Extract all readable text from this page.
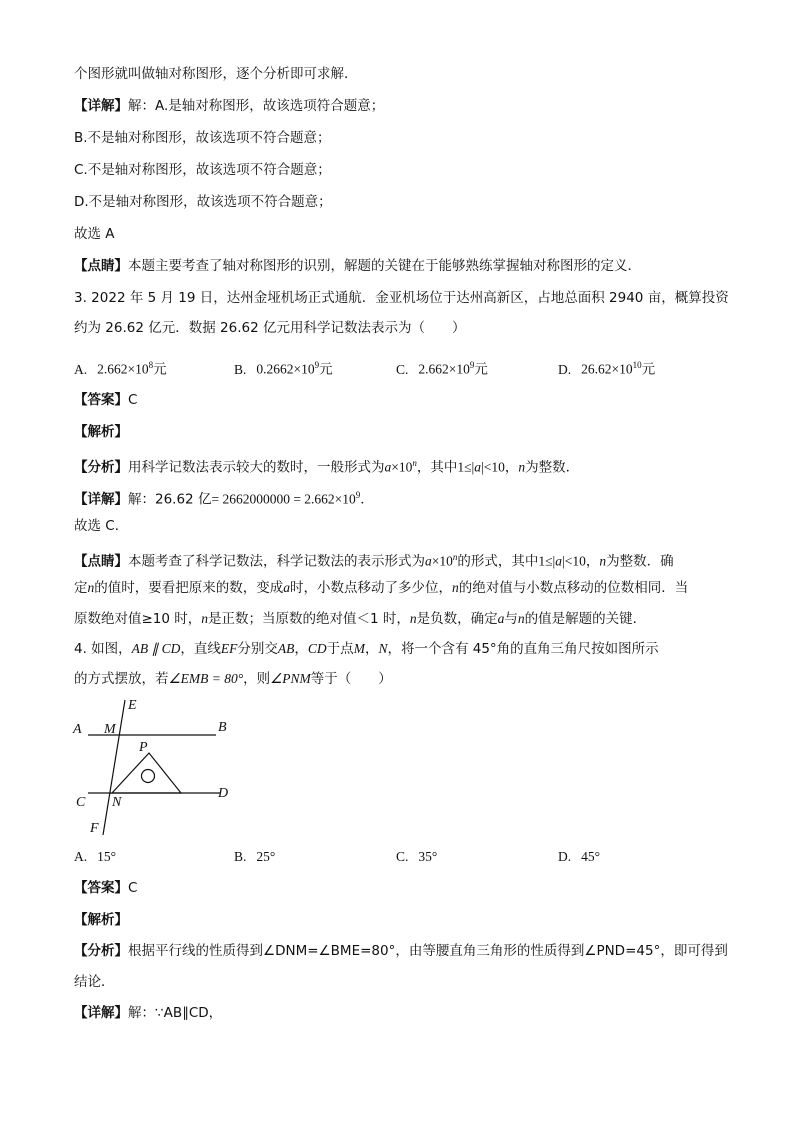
个图形就叫做轴对称图形，逐个分析即可求解．
【详解】解：A.是轴对称图形，故该选项符合题意；
B.不是轴对称图形，故该选项不符合题意；
C.不是轴对称图形，故该选项不符合题意；
D.不是轴对称图形，故该选项不符合题意；
故选 A
【点睛】本题主要考查了轴对称图形的识别，解题的关键在于能够熟练掌握轴对称图形的定义．
3. 2022 年 5 月 19 日，达州金垭机场正式通航．金亚机场位于达州高新区，占地总面积 2940 亩，概算投资
约为 26.62 亿元．数据 26.62 亿元用科学记数法表示为（　　）
A. $2.662\times 10^8$元	B. $0.2662\times 10^9$元	C. $2.662\times 10^9$元	D. $26.62\times 10^{10}$元
【答案】C
【解析】
【分析】用科学记数法表示较大的数时，一般形式为$a\times 10^n$，其中1≤|a|<10，n为整数．
【详解】解：26.62 亿= $2662000000 = 2.662\times 10^9$．
故选 C．
【点睛】本题考查了科学记数法，科学记数法的表示形式为$a\times 10^n$的形式，其中1≤|a|<10，n为整数．确
定n的值时，要看把原来的数，变成a时，小数点移动了多少位，n的绝对值与小数点移动的位数相同．当
原数绝对值≥10 时，n是正数；当原数的绝对值＜1 时，n是负数，确定a与n的值是解题的关键．
4. 如图，AB ∥ CD，直线EF分别交AB，CD于点M，N，将一个含有 45°角的直角三角尺按如图所示
的方式摆放，若∠EMB = 80°，则∠PNM等于（　　）
A M
E
B
P
C N
D
F
A. 15°	B. 25°	C. 35°	D. 45°
【答案】C
【解析】
【分析】根据平行线的性质得到∠DNM=∠BME=80°，由等腰直角三角形的性质得到∠PND=45°，即可得到
结论．
【详解】解：∵AB∥CD，
